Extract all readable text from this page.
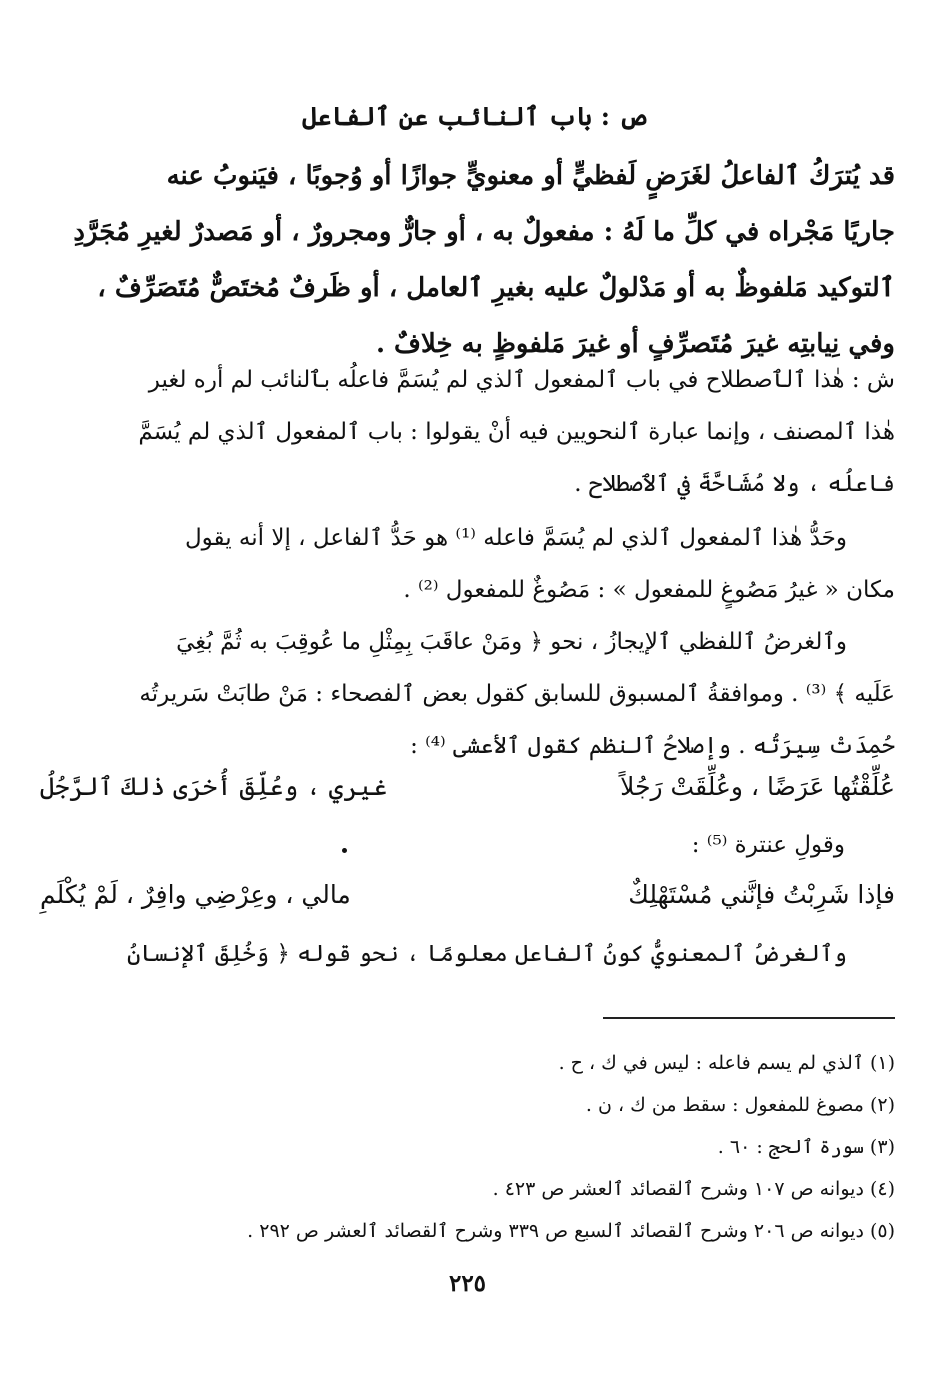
ص : باب ٱلنائب عن ٱلفاعل
قد يُترَكُ ٱلفاعلُ لغَرَضٍ لَفظيٍّ أو معنويٍّ جوازًا أو وُجوبًا ، فيَنوبُ عنه
جاريًا مَجْراه في كلِّ ما لَهُ : مفعولٌ به ، أو جارٌّ ومجرورٌ ، أو مَصدرٌ لغيرِ مُجَرَّدِ
ٱلتوكيد مَلفوظٌ به أو مَدْلولٌ عليه بغيرِ ٱلعامل ، أو ظَرفٌ مُختَصٌّ مُتَصَرِّفٌ ،
وفي نِيابتِه غيرَ مُتَصرِّفٍ أو غيرَ مَلفوظٍ به خِلافٌ .
ش : هٰذا ٱلٱصطلاح في باب ٱلمفعول ٱلذي لم يُسَمَّ فاعلُه بٱلنائب لم أره لغير
هٰذا ٱلمصنف ، وإنما عبارة ٱلنحويين فيه أنْ يقولوا : باب ٱلمفعول ٱلذي لم يُسَمَّ
فاعلُه ، ولا مُشَاحَّةَ في ٱلٱصطلاح .
وحَدُّ هٰذا ٱلمفعول ٱلذي لم يُسَمَّ فاعله ⁽¹⁾ هو حَدُّ ٱلفاعل ، إلا أنه يقول
مكان « غيرُ مَصُوغٍ للمفعول » : مَصُوغٌ للمفعول ⁽²⁾ .
وٱلغرضُ ٱللفظي ٱلإيجازُ ، نحو ﴿ ومَنْ عاقَبَ بِمِثْلِ ما عُوقِبَ به ثُمَّ بُغِيَ
عَلَيه ﴾ ⁽³⁾ . وموافقةُ ٱلمسبوق للسابق كقول بعض ٱلفصحاء : مَنْ طابَتْ سَريرتُه
حُمِدَتْ سِيرَتُه . وإصلاحُ ٱلنظم كقول ٱلأعشى ⁽⁴⁾ :
عُلِّقْتُها عَرَضًا ، وعُلِّقَتْ رَجُلاً
غيري ، وعُلِّقَ أُخرَى ذٰلكَ ٱلرَّجُلُ
وقولِ عنترة ⁽⁵⁾ :
فإذا شَرِبْتُ فإنَّني مُسْتَهْلِكٌ
مالي ، وعِرْضِي وافِرٌ ، لَمْ يُكْلَمِ
وٱلغرضُ ٱلمعنويُّ كونُ ٱلفاعل معلومًا ، نحو قوله ﴿ وَخُلِقَ ٱلإنسانُ
(١) ٱلذي لم يسم فاعله : ليس في ك ، ح .
(٢) مصوغ للمفعول : سقط من ك ، ن .
(٣) سورة ٱلحج : ٦٠ .
(٤) ديوانه ص ١٠٧ وشرح ٱلقصائد ٱلعشر ص ٤٢٣ .
(٥) ديوانه ص ٢٠٦ وشرح ٱلقصائد ٱلسبع ص ٣٣٩ وشرح ٱلقصائد ٱلعشر ص ٢٩٢ .
٢٢٥
